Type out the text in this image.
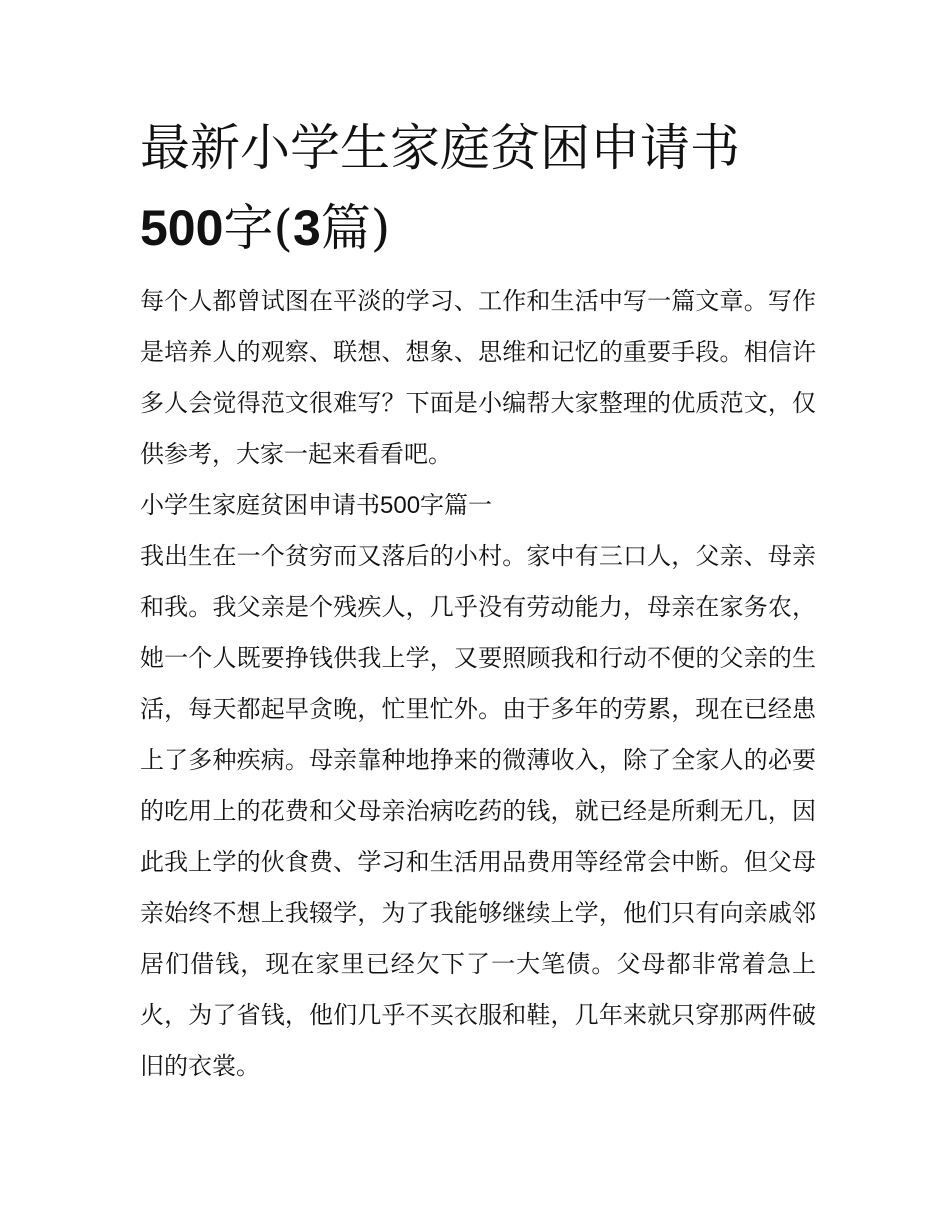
最新小学生家庭贫困申请书
500字(3篇)

每个人都曾试图在平淡的学习、工作和生活中写一篇文章。写作是培养人的观察、联想、想象、思维和记忆的重要手段。相信许多人会觉得范文很难写？下面是小编帮大家整理的优质范文，仅供参考，大家一起来看看吧。

小学生家庭贫困申请书500字篇一

我出生在一个贫穷而又落后的小村。家中有三口人，父亲、母亲和我。我父亲是个残疾人，几乎没有劳动能力，母亲在家务农，她一个人既要挣钱供我上学，又要照顾我和行动不便的父亲的生活，每天都起早贪晚，忙里忙外。由于多年的劳累，现在已经患上了多种疾病。母亲靠种地挣来的微薄收入，除了全家人的必要的吃用上的花费和父母亲治病吃药的钱，就已经是所剩无几，因此我上学的伙食费、学习和生活用品费用等经常会中断。但父母亲始终不想上我辍学，为了我能够继续上学，他们只有向亲戚邻居们借钱，现在家里已经欠下了一大笔债。父母都非常着急上火，为了省钱，他们几乎不买衣服和鞋，几年来就只穿那两件破旧的衣裳。
